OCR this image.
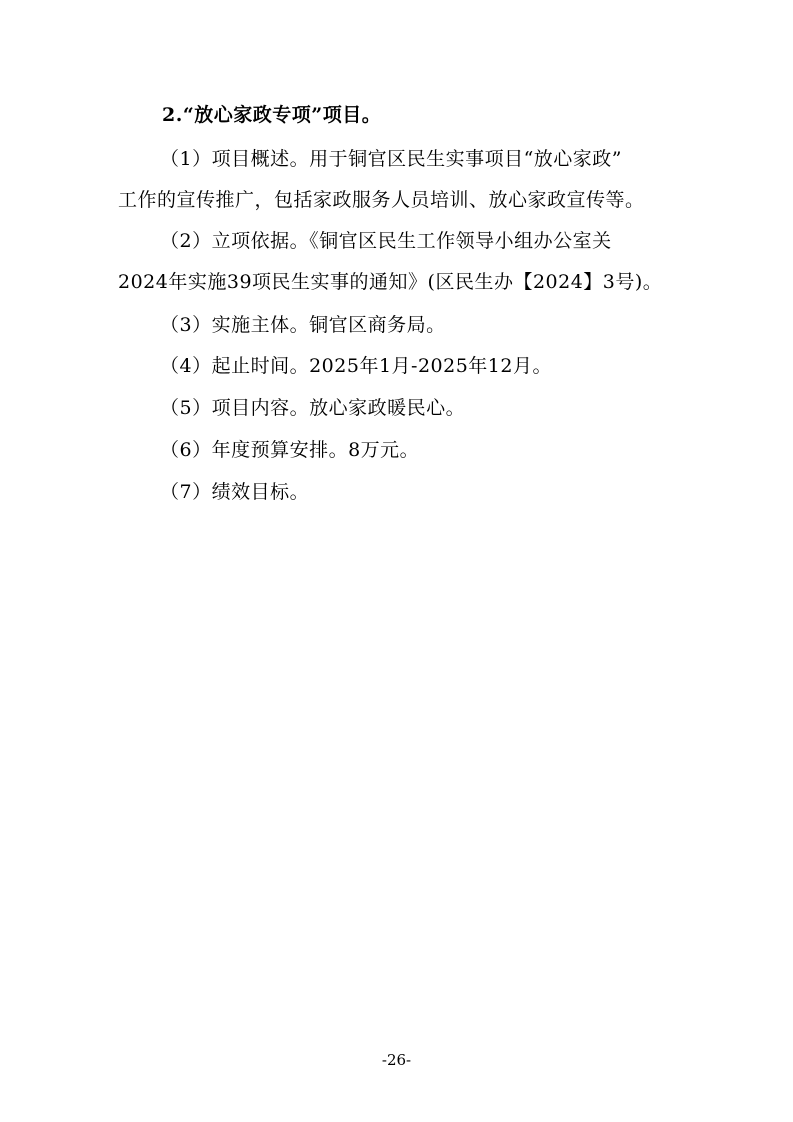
2.“放心家政专项”项目。
（1）项目概述。用于铜官区民生实事项目“放心家政”
工作的宣传推广，包括家政服务人员培训、放心家政宣传等。
（2）立项依据。《铜官区民生工作领导小组办公室关
2024年实施39项民生实事的通知》(区民生办【2024】3号)。
（3）实施主体。铜官区商务局。
（4）起止时间。2025年1月-2025年12月。
（5）项目内容。放心家政暖民心。
（6）年度预算安排。8万元。
（7）绩效目标。
-26-
